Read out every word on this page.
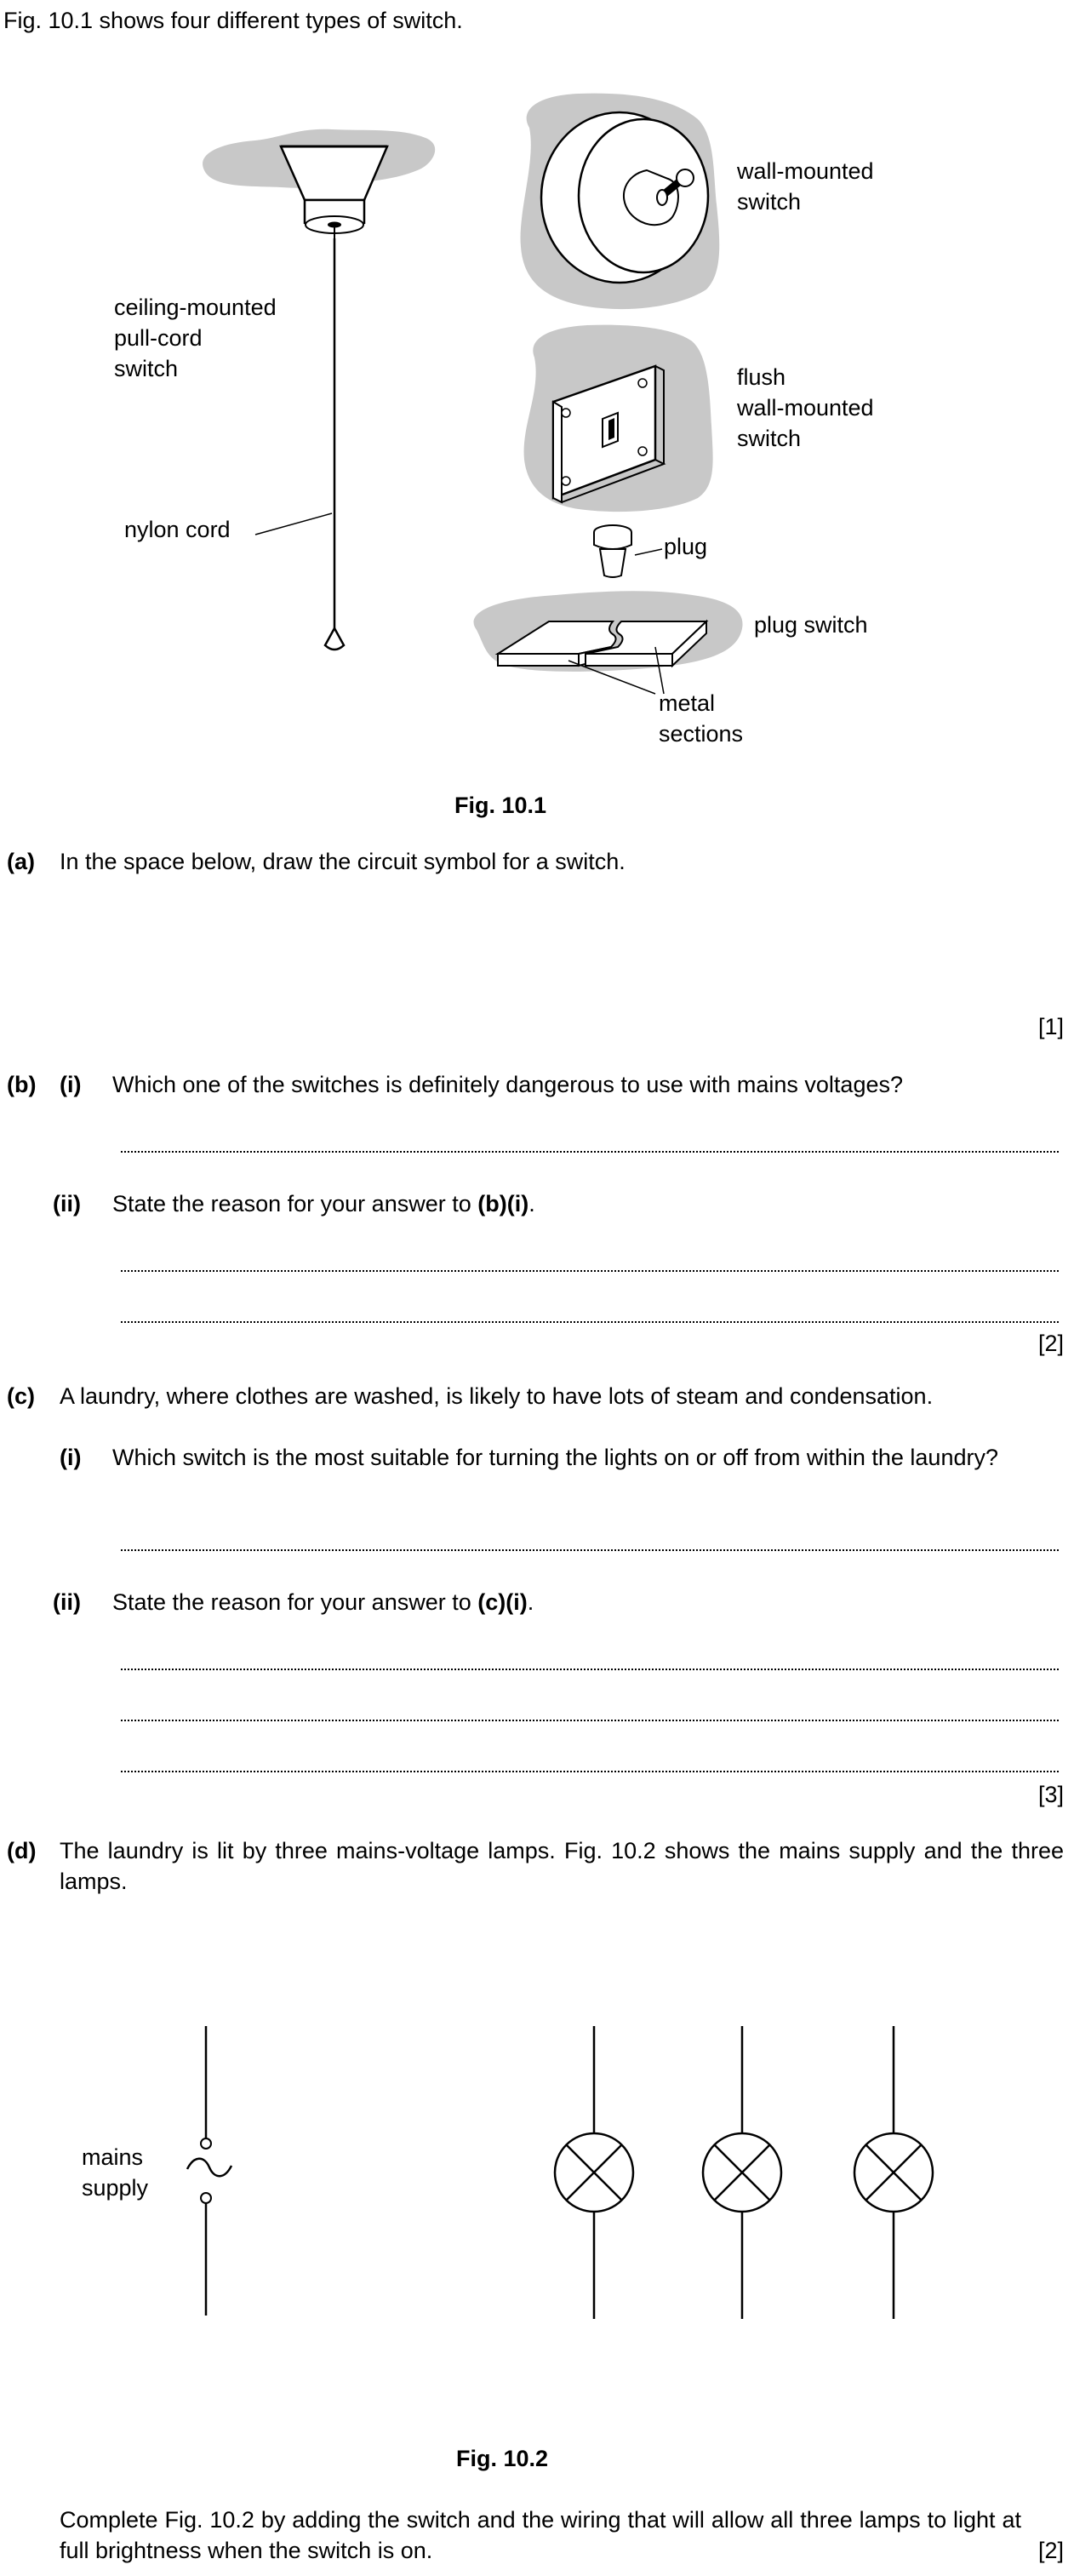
Fig. 10.1 shows four different types of switch.
wall-mounted
switch
ceiling-mounted
pull-cord
switch	flush
wall-mounted
switch
nylon cord
plug
plug switch
metal
sections
Fig. 10.1
(a) In the space below, draw the circuit symbol for a switch.
[1]
(b) (i) Which one of the switches is definitely dangerous to use with mains voltages?
(ii) State the reason for your answer to (b)(i).
[2]
(c) A laundry, where clothes are washed, is likely to have lots of steam and condensation.
(i) Which switch is the most suitable for turning the lights on or off from within the laundry?
(ii) State the reason for your answer to (c)(i).
[3]
(d) The laundry is lit by three mains-voltage lamps. Fig. 10.2 shows the mains supply and the three lamps.
mains
supply
Fig. 10.2
Complete Fig. 10.2 by adding the switch and the wiring that will allow all three lamps to light at full brightness when the switch is on.	[2]
